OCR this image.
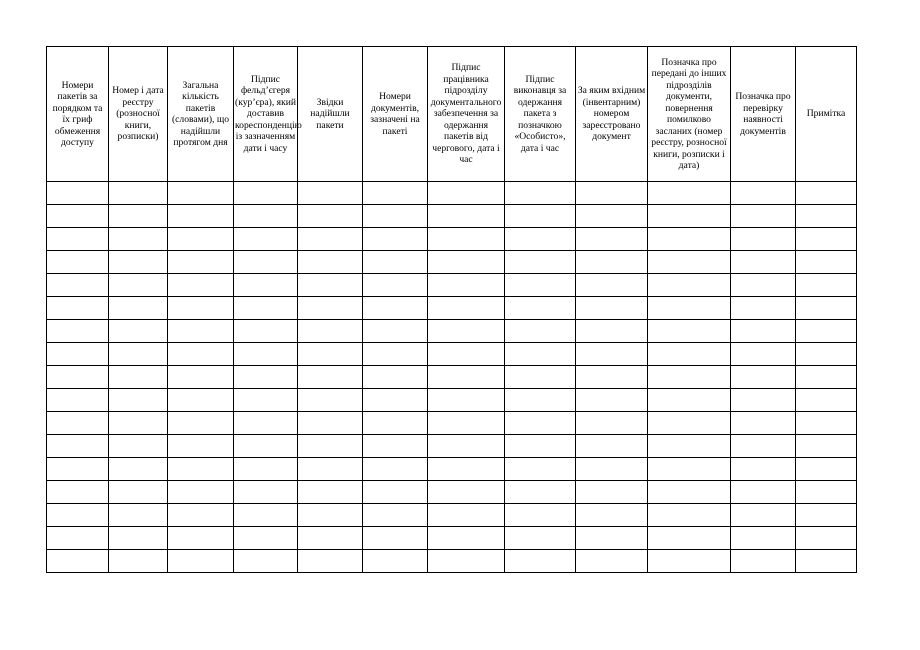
Номери пакетів за порядком та їх гриф обмеження доступу	Номер і дата реєстру (розносної книги, розписки)	Загальна кількість пакетів (словами), що надійшли протягом дня	Підпис фельд’єгеря (кур’єра), який доставив кореспонденцію із зазначенням дати і часу	Звідки надійшли пакети	Номери документів, зазначені на пакеті	Підпис працівника підрозділу документального забезпечення за одержання пакетів від чергового, дата і час	Підпис виконавця за одержання пакета з позначкою «Особисто», дата і час	За яким вхідним (інвентарним) номером зареєстровано документ	Позначка про передані до інших підрозділів документи, повернення помилково засланих (номер реєстру, розносної книги, розписки і дата)	Позначка про перевірку наявності документів	Примітка
